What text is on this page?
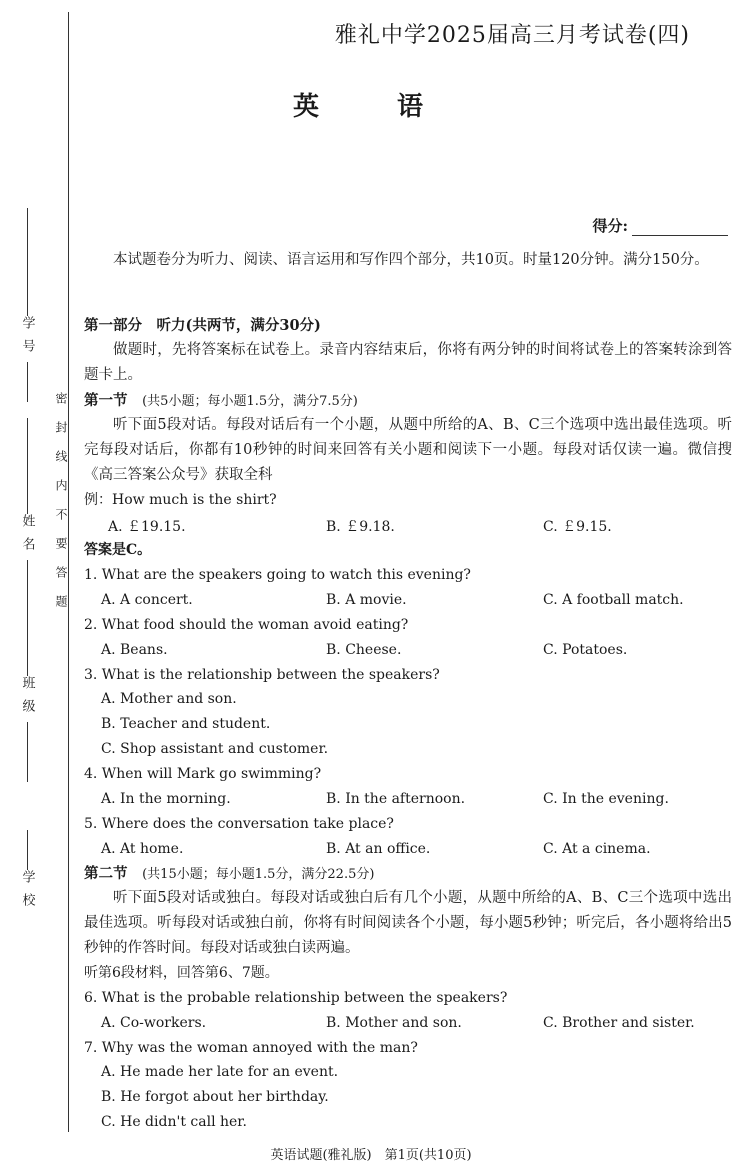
学号
姓名
班级
学校
密封线内不要答题
雅礼中学2025届高三月考试卷(四)
英　语
得分:
本试题卷分为听力、阅读、语言运用和写作四个部分，共10页。时量120分钟。满分150分。
第一部分　听力(共两节，满分30分)
做题时，先将答案标在试卷上。录音内容结束后，你将有两分钟的时间将试卷上的答案转涂到答题卡上。
第一节 (共5小题；每小题1.5分，满分7.5分)
听下面5段对话。每段对话后有一个小题，从题中所给的A、B、C三个选项中选出最佳选项。听完每段对话后，你都有10秒钟的时间来回答有关小题和阅读下一小题。每段对话仅读一遍。微信搜《高三答案公众号》获取全科
例：How much is the shirt?
A. ￡19.15.	B. ￡9.18.	C. ￡9.15.
答案是C。
1. What are the speakers going to watch this evening?
A. A concert.	B. A movie.	C. A football match.
2. What food should the woman avoid eating?
A. Beans.	B. Cheese.	C. Potatoes.
3. What is the relationship between the speakers?
A. Mother and son.
B. Teacher and student.
C. Shop assistant and customer.
4. When will Mark go swimming?
A. In the morning.	B. In the afternoon.	C. In the evening.
5. Where does the conversation take place?
A. At home.	B. At an office.	C. At a cinema.
第二节 (共15小题；每小题1.5分，满分22.5分)
听下面5段对话或独白。每段对话或独白后有几个小题，从题中所给的A、B、C三个选项中选出最佳选项。听每段对话或独白前，你将有时间阅读各个小题，每小题5秒钟；听完后，各小题将给出5秒钟的作答时间。每段对话或独白读两遍。
听第6段材料，回答第6、7题。
6. What is the probable relationship between the speakers?
A. Co-workers.	B. Mother and son.	C. Brother and sister.
7. Why was the woman annoyed with the man?
A. He made her late for an event.
B. He forgot about her birthday.
C. He didn't call her.
英语试题(雅礼版)　第1页(共10页)
